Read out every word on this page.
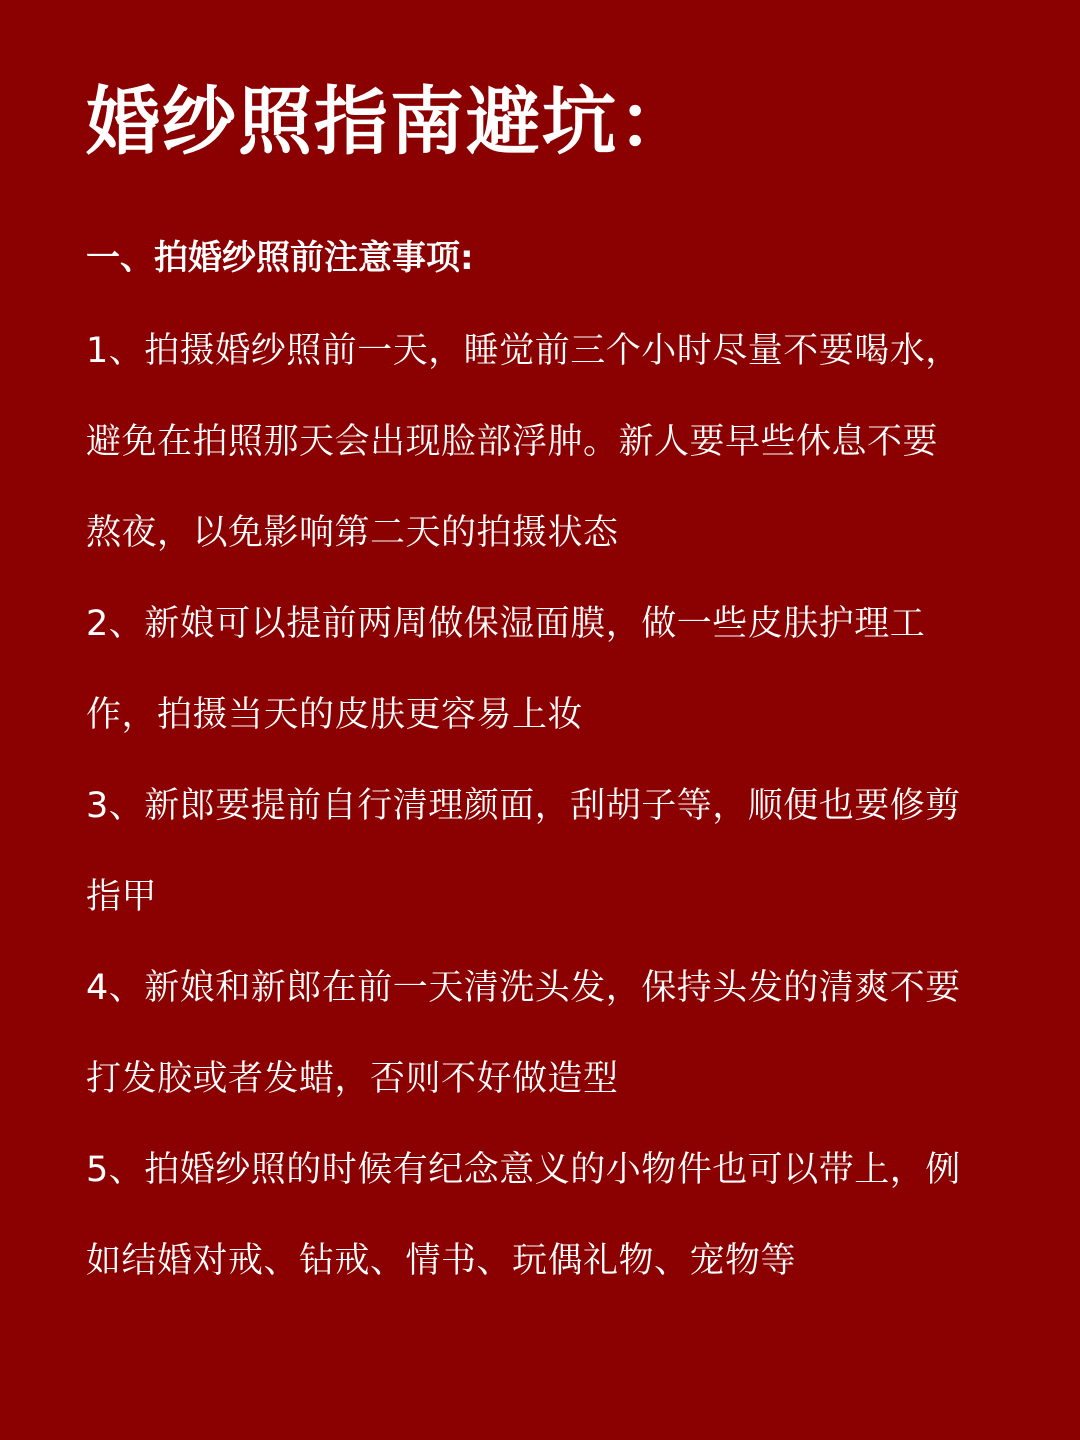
婚纱照指南避坑：
一、拍婚纱照前注意事项:
1、拍摄婚纱照前一天，睡觉前三个小时尽量不要喝水，
避免在拍照那天会出现脸部浮肿。新人要早些休息不要
熬夜，以免影响第二天的拍摄状态
2、新娘可以提前两周做保湿面膜，做一些皮肤护理工
作，拍摄当天的皮肤更容易上妆
3、新郎要提前自行清理颜面，刮胡子等，顺便也要修剪
指甲
4、新娘和新郎在前一天清洗头发，保持头发的清爽不要
打发胶或者发蜡，否则不好做造型
5、拍婚纱照的时候有纪念意义的小物件也可以带上，例
如结婚对戒、钻戒、情书、玩偶礼物、宠物等
